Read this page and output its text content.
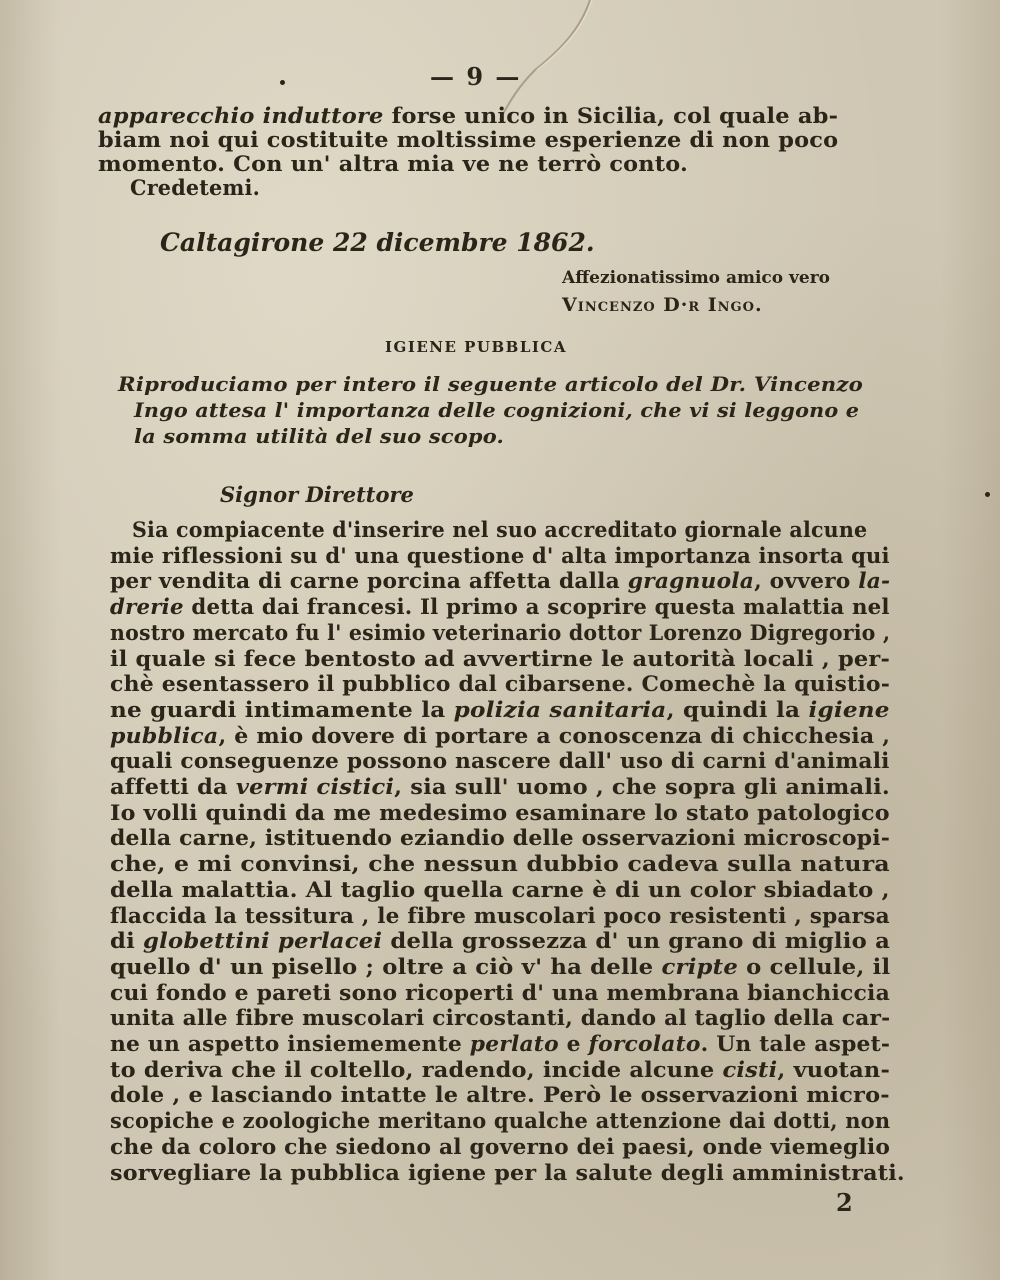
— 9 —
apparecchio induttore forse unico in Sicilia, col quale ab-
biam noi qui costituite moltissime esperienze di non poco
momento. Con un' altra mia ve ne terrò conto.
Credetemi.
Caltagirone 22 dicembre 1862.
Affezionatissimo amico vero
Vincenzo D·r Ingo.
IGIENE PUBBLICA
Riproduciamo per intero il seguente articolo del Dr. Vincenzo
Ingo attesa l' importanza delle cognizioni, che vi si leggono e
la somma utilità del suo scopo.
Signor Direttore
Sia compiacente d'inserire nel suo accreditato giornale alcune
mie riflessioni su d' una questione d' alta importanza insorta qui
per vendita di carne porcina affetta dalla gragnuola, ovvero la-
drerie detta dai francesi. Il primo a scoprire questa malattia nel
nostro mercato fu l' esimio veterinario dottor Lorenzo Digregorio ,
il quale si fece bentosto ad avvertirne le autorità locali , per-
chè esentassero il pubblico dal cibarsene. Comechè la quistio-
ne guardi intimamente la polizia sanitaria, quindi la igiene
pubblica, è mio dovere di portare a conoscenza di chicchesia ,
quali conseguenze possono nascere dall' uso di carni d'animali
affetti da vermi cistici, sia sull' uomo , che sopra gli animali.
Io volli quindi da me medesimo esaminare lo stato patologico
della carne, istituendo eziandio delle osservazioni microscopi-
che, e mi convinsi, che nessun dubbio cadeva sulla natura
della malattia. Al taglio quella carne è di un color sbiadato ,
flaccida la tessitura , le fibre muscolari poco resistenti , sparsa
di globettini perlacei della grossezza d' un grano di miglio a
quello d' un pisello ; oltre a ciò v' ha delle cripte o cellule, il
cui fondo e pareti sono ricoperti d' una membrana bianchiccia
unita alle fibre muscolari circostanti, dando al taglio della car-
ne un aspetto insiememente perlato e forcolato. Un tale aspet-
to deriva che il coltello, radendo, incide alcune cisti, vuotan-
dole , e lasciando intatte le altre. Però le osservazioni micro-
scopiche e zoologiche meritano qualche attenzione dai dotti, non
che da coloro che siedono al governo dei paesi, onde viemeglio
sorvegliare la pubblica igiene per la salute degli amministrati.
2
